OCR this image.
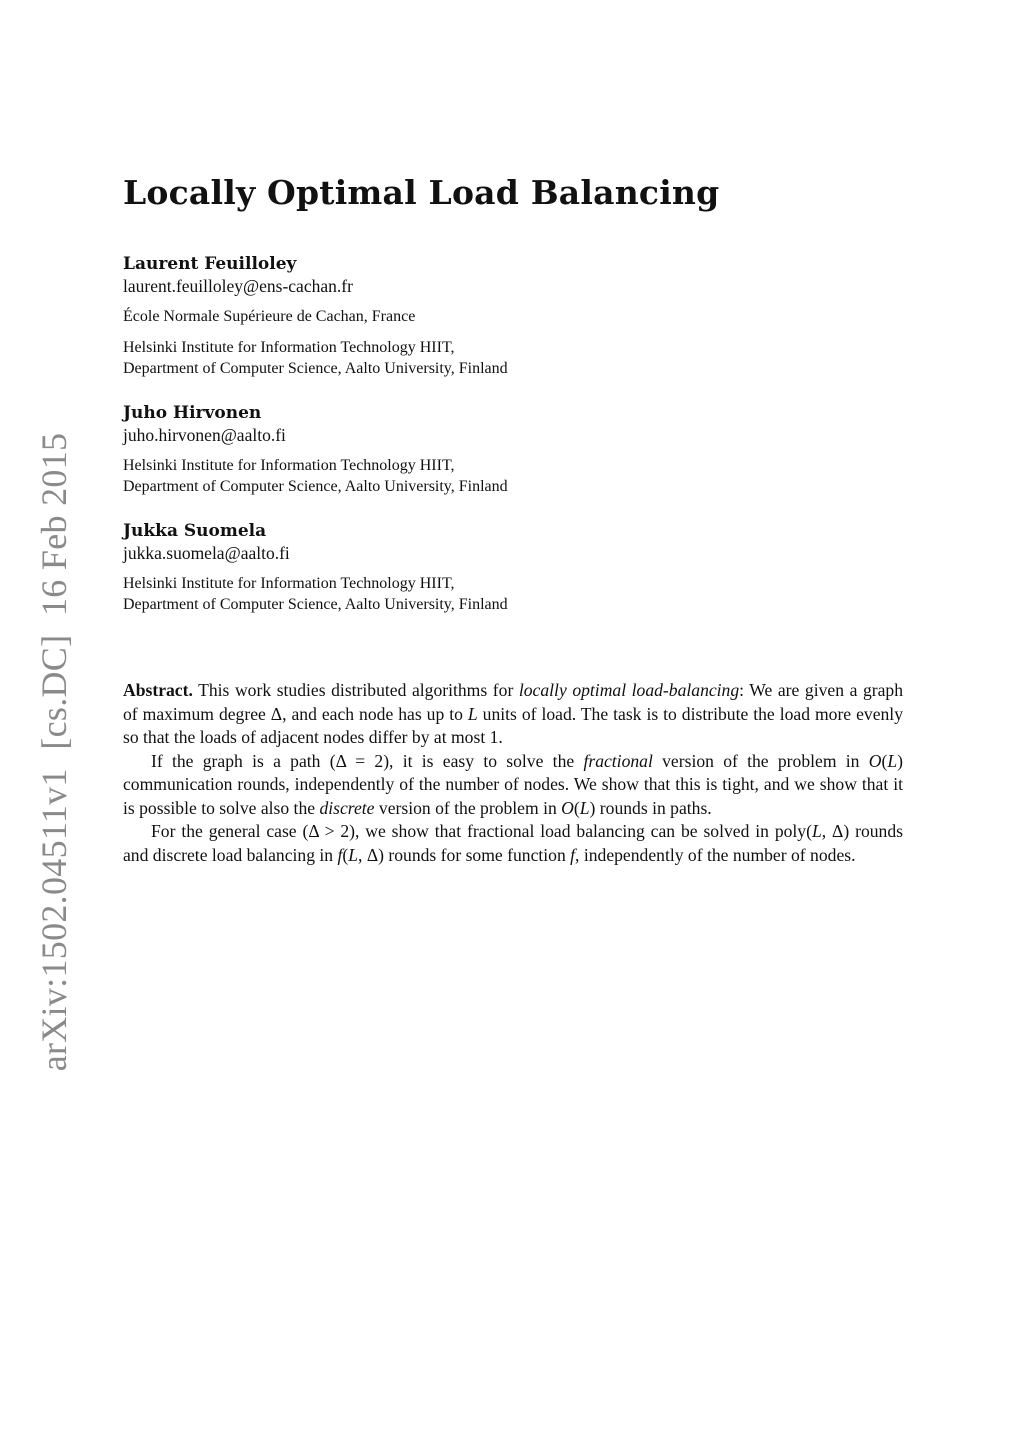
Locally Optimal Load Balancing
Laurent Feuilloley
laurent.feuilloley@ens-cachan.fr
École Normale Supérieure de Cachan, France
Helsinki Institute for Information Technology HIIT,
Department of Computer Science, Aalto University, Finland
Juho Hirvonen
juho.hirvonen@aalto.fi
Helsinki Institute for Information Technology HIIT,
Department of Computer Science, Aalto University, Finland
Jukka Suomela
jukka.suomela@aalto.fi
Helsinki Institute for Information Technology HIIT,
Department of Computer Science, Aalto University, Finland

Abstract. This work studies distributed algorithms for locally optimal load-balancing: We are given a graph of maximum degree Δ, and each node has up to L units of load. The task is to distribute the load more evenly so that the loads of adjacent nodes differ by at most 1.

If the graph is a path (Δ = 2), it is easy to solve the fractional version of the problem in O(L) communication rounds, independently of the number of nodes. We show that this is tight, and we show that it is possible to solve also the discrete version of the problem in O(L) rounds in paths.

For the general case (Δ > 2), we show that fractional load balancing can be solved in poly(L, Δ) rounds and discrete load balancing in f(L, Δ) rounds for some function f, independently of the number of nodes.

arXiv:1502.04511v1  [cs.DC]  16 Feb 2015
